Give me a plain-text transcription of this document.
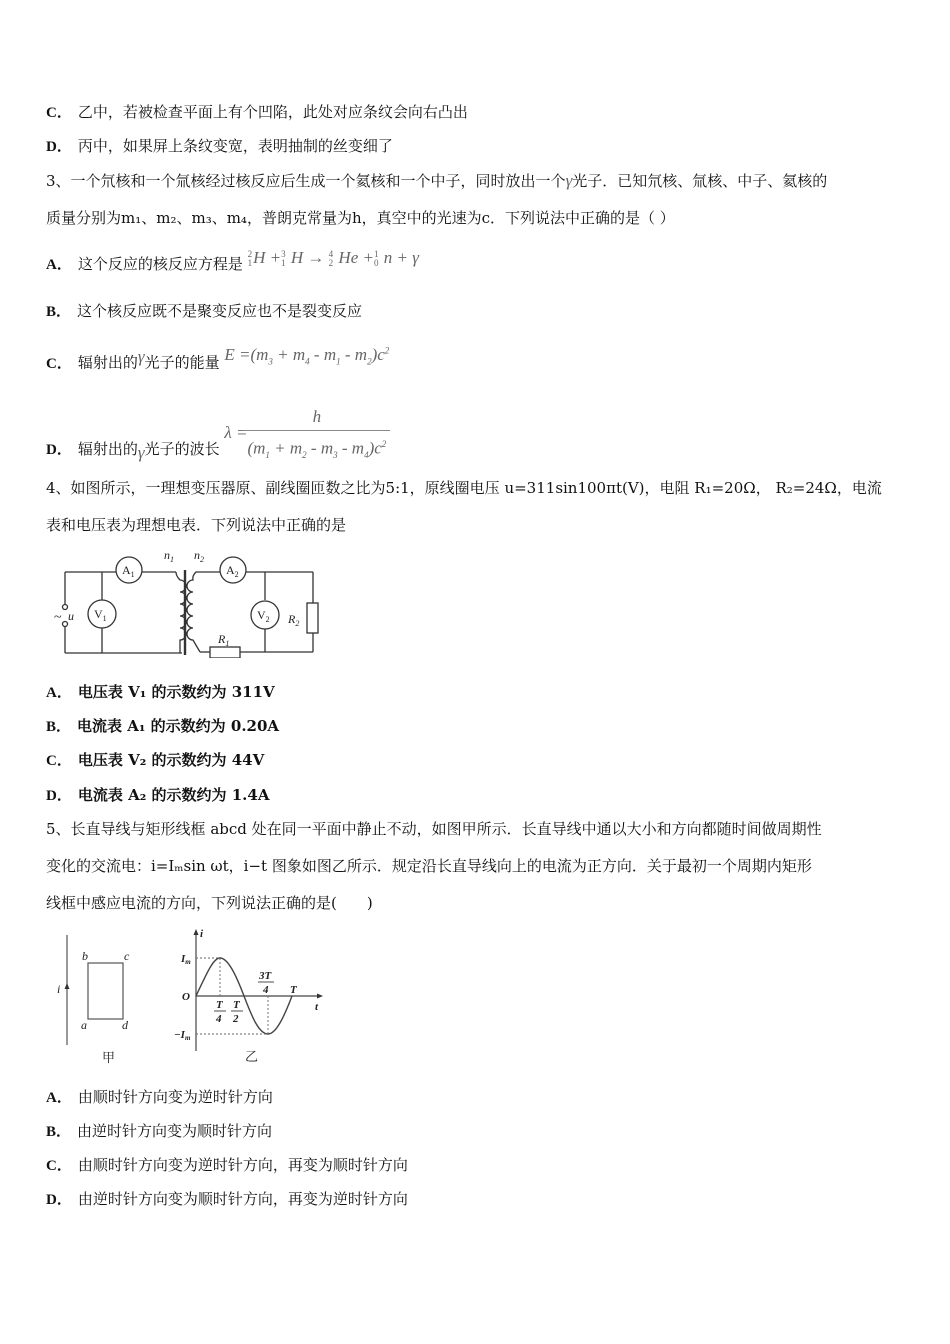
C． 乙中，若被检查平面上有个凹陷，此处对应条纹会向右凸出
D． 丙中，如果屏上条纹变宽，表明抽制的丝变细了
3、一个氘核和一个氚核经过核反应后生成一个氦核和一个中子，同时放出一个γ光子．已知氘核、氚核、中子、氦核的
质量分别为m₁、m₂、m₃、m₄，普朗克常量为h，真空中的光速为c．下列说法中正确的是（ ）
A． 这个反应的核反应方程是
2
1 H + 3
1 H → 4
2 He + 1
0 n + γ
B． 这个核反应既不是聚变反应也不是裂变反应
C． 辐射出的γ光子的能量 $E =(m_3 + m_4 - m_1 - m_2)c^2$
D． 辐射出的γ光子的波长 $\lambda = \frac{h}{(m_1 + m_2 - m_3 - m_4)c^2}$
4、如图所示，一理想变压器原、副线圈匝数之比为5:1，原线圈电压 u=311sin100πt(V)，电阻 R₁=20Ω， R₂=24Ω，电流
表和电压表为理想电表．下列说法中正确的是
$A_1$	$A_2$
$V_1$	$V_2$
~ u
$n_1$ $n_2$
$R_1$
$R_2$
A． 电压表 V₁ 的示数约为 311V
B． 电流表 A₁ 的示数约为 0.20A
C． 电压表 V₂ 的示数约为 44V
D． 电流表 A₂ 的示数约为 1.4A
5、长直导线与矩形线框 abcd 处在同一平面中静止不动，如图甲所示．长直导线中通以大小和方向都随时间做周期性
变化的交流电：i=Iₘsin ωt，i−t 图象如图乙所示．规定沿长直导线向上的电流为正方向．关于最初一个周期内矩形
线框中感应电流的方向，下列说法正确的是(　　)
i
b	c
a	d
甲
i
t
Im
−Im
O
T
4
T
2
3T
4 T
乙
A． 由顺时针方向变为逆时针方向
B． 由逆时针方向变为顺时针方向
C． 由顺时针方向变为逆时针方向，再变为顺时针方向
D． 由逆时针方向变为顺时针方向，再变为逆时针方向
